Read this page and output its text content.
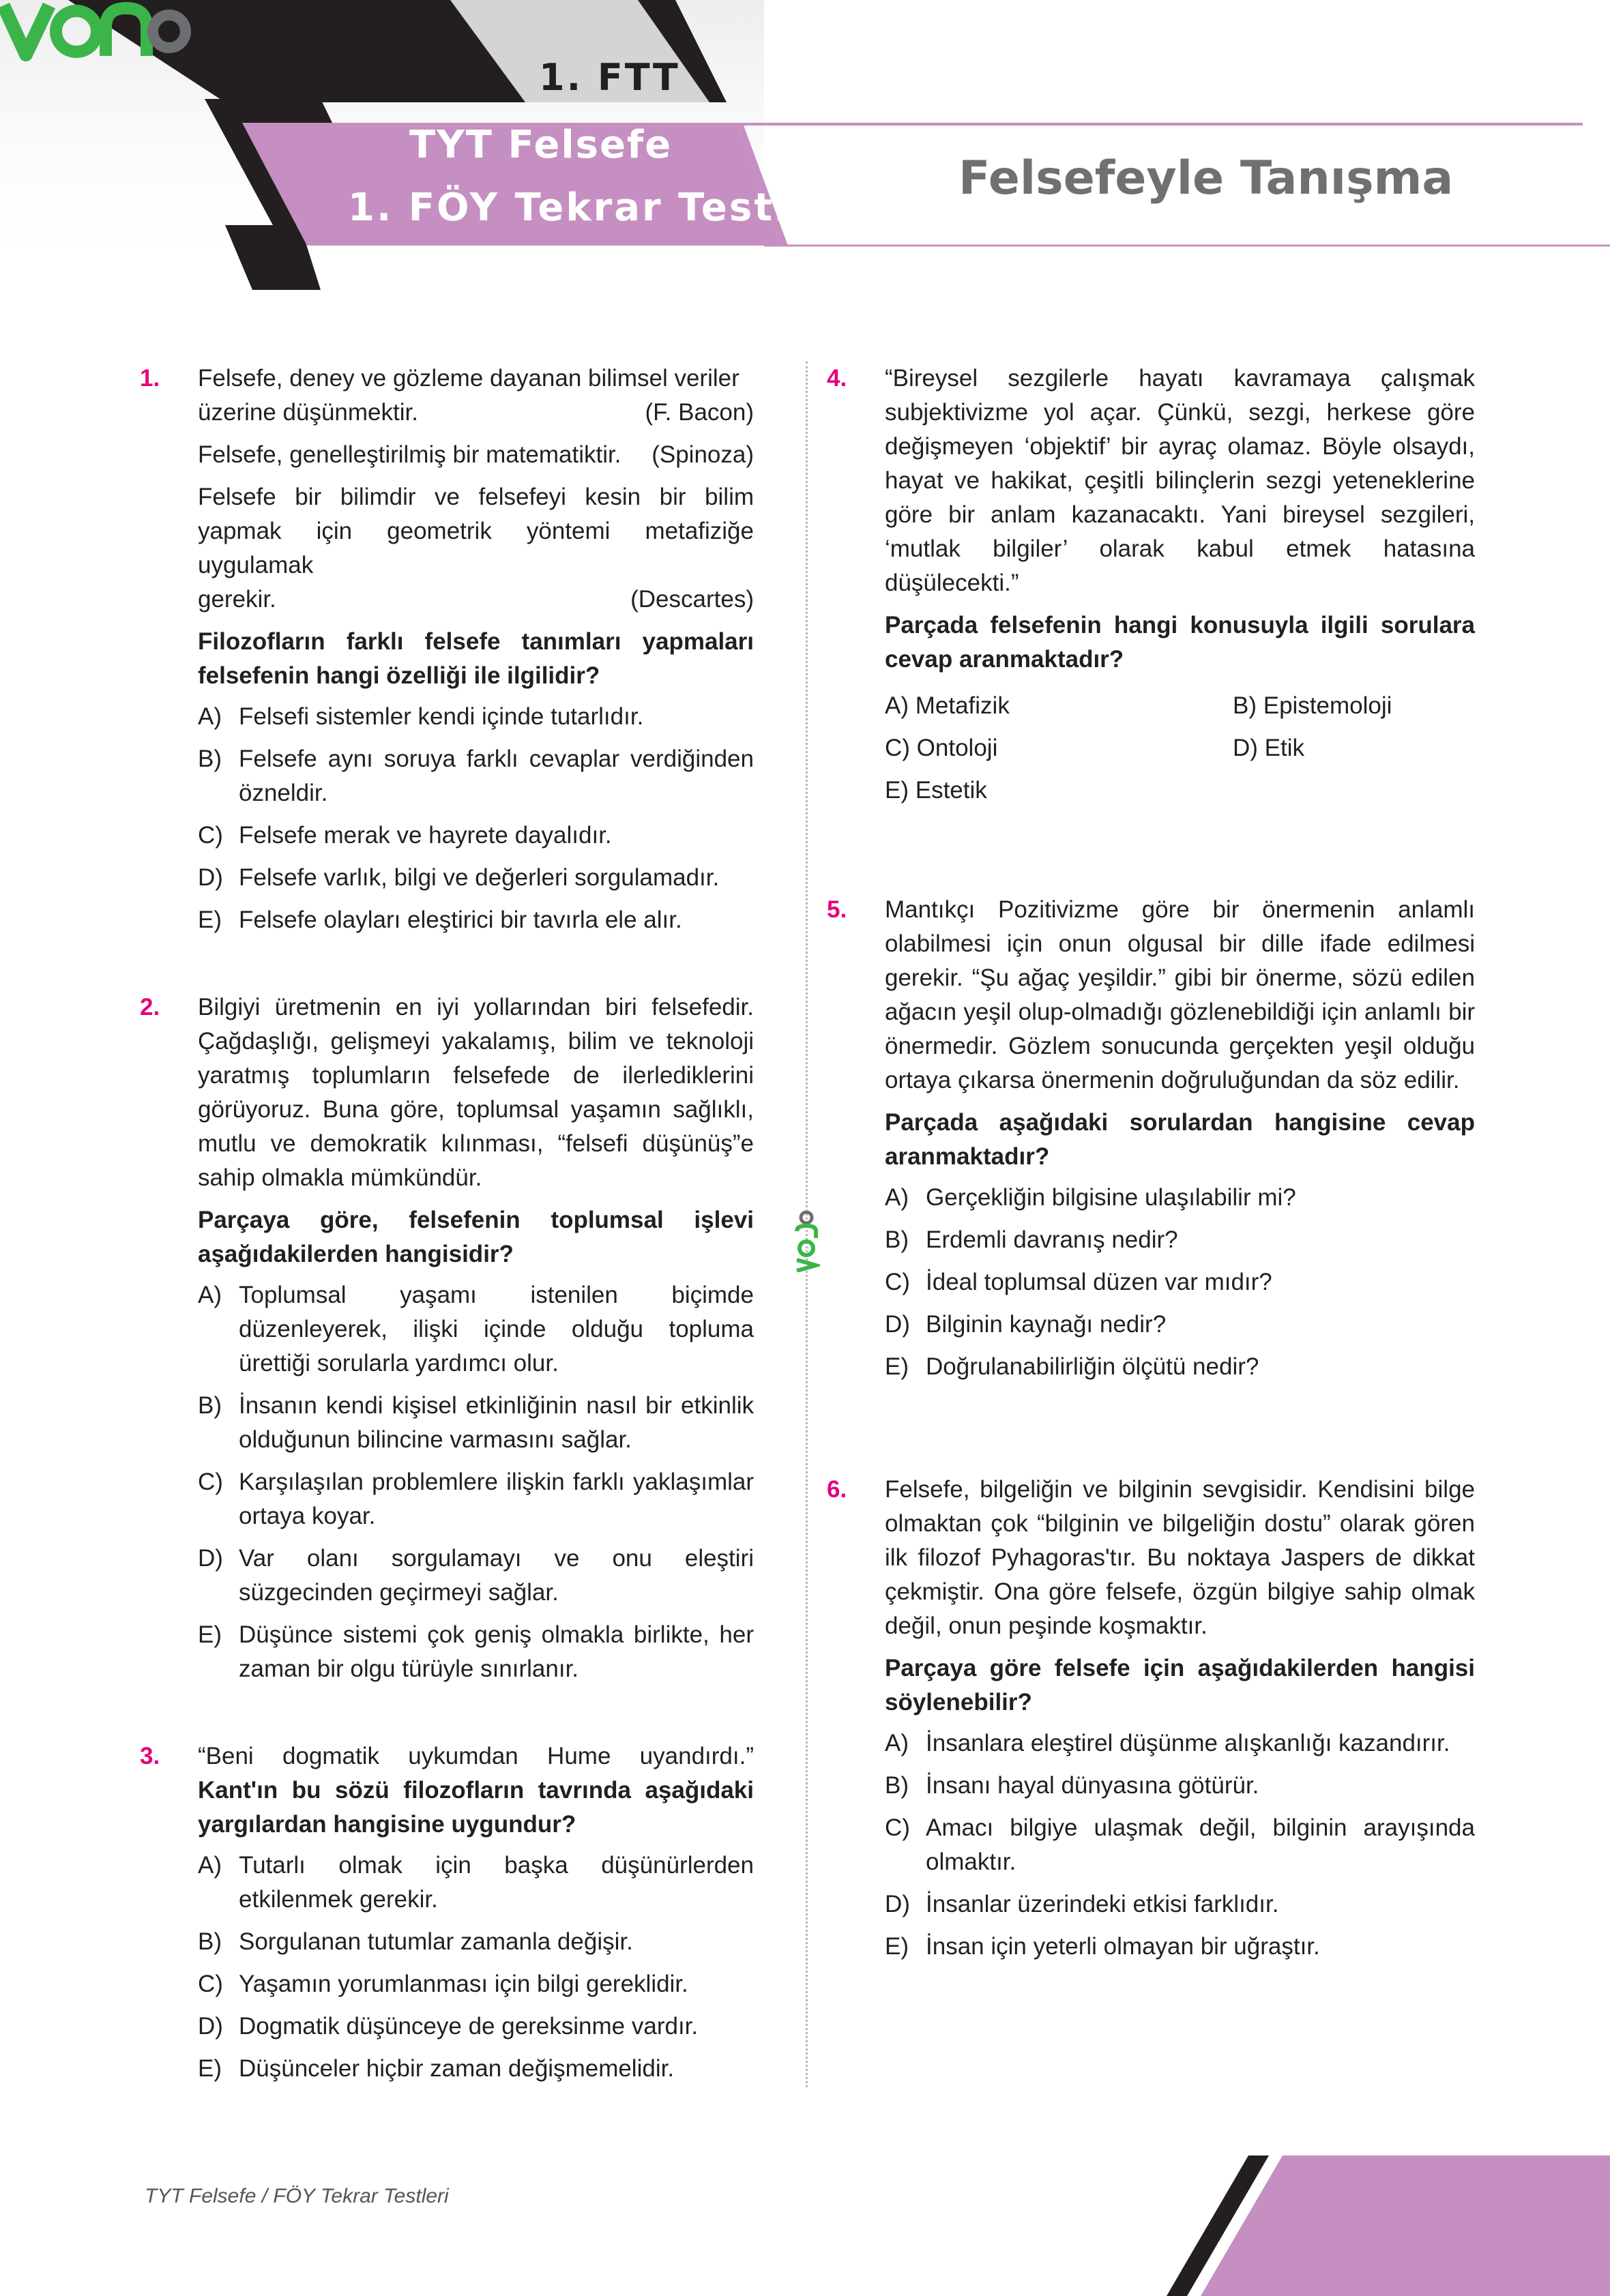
1. FTT
TYT Felsefe
1. FÖY Tekrar Testi
Felsefeyle Tanışma
1. Felsefe, deney ve gözleme dayanan bilimsel veriler

üzerine düşünmektir.	(F. Bacon)
Felsefe, genelleştirilmiş bir matematiktir. (Spinoza)

Felsefe bir bilimdir ve felsefeyi kesin bir bilim yapmak için geometrik yöntemi metafiziğe uygulamak

gerekir.	(Descartes)
Filozofların farklı felsefe tanımları yapmaları felsefenin hangi özelliği ile ilgilidir?
A) Felsefi sistemler kendi içinde tutarlıdır.
B) Felsefe aynı soruya farklı cevaplar verdiğinden özneldir.
C) Felsefe merak ve hayrete dayalıdır.
D) Felsefe varlık, bilgi ve değerleri sorgulamadır.
E) Felsefe olayları eleştirici bir tavırla ele alır.
2. Bilgiyi üretmenin en iyi yollarından biri felsefedir. Çağdaşlığı, gelişmeyi yakalamış, bilim ve teknoloji yaratmış toplumların felsefede de ilerlediklerini görüyoruz. Buna göre, toplumsal yaşamın sağlıklı, mutlu ve demokratik kılınması, “felsefi düşünüş”e sahip olmakla mümkündür.

Parçaya göre, felsefenin toplumsal işlevi aşağıdakilerden hangisidir?
A) Toplumsal yaşamı istenilen biçimde düzenleyerek, ilişki içinde olduğu topluma ürettiği sorularla yardımcı olur.
B) İnsanın kendi kişisel etkinliğinin nasıl bir etkinlik olduğunun bilincine varmasını sağlar.
C) Karşılaşılan problemlere ilişkin farklı yaklaşımlar ortaya koyar.
D) Var olanı sorgulamayı ve onu eleştiri süzgecinden geçirmeyi sağlar.
E) Düşünce sistemi çok geniş olmakla birlikte, her zaman bir olgu türüyle sınırlanır.
3. “Beni dogmatik uykumdan Hume uyandırdı.”

Kant'ın bu sözü filozofların tavrında aşağıdaki yargılardan hangisine uygundur?
A) Tutarlı olmak için başka düşünürlerden etkilenmek gerekir.
B) Sorgulanan tutumlar zamanla değişir.
C) Yaşamın yorumlanması için bilgi gereklidir.
D) Dogmatik düşünceye de gereksinme vardır.
E) Düşünceler hiçbir zaman değişmemelidir.
4. “Bireysel sezgilerle hayatı kavramaya çalışmak subjektivizme yol açar. Çünkü, sezgi, herkese göre değişmeyen ‘objektif’ bir ayraç olamaz. Böyle olsaydı, hayat ve hakikat, çeşitli bilinçlerin sezgi yeteneklerine göre bir anlam kazanacaktı. Yani bireysel sezgileri, ‘mutlak bilgiler’ olarak kabul etmek hatasına düşülecekti.”

Parçada felsefenin hangi konusuyla ilgili sorulara cevap aranmaktadır?
A) Metafizik	B) Epistemoloji
C) Ontoloji	D) Etik
E) Estetik
5. Mantıkçı Pozitivizme göre bir önermenin anlamlı olabilmesi için onun olgusal bir dille ifade edilmesi gerekir. “Şu ağaç yeşildir.” gibi bir önerme, sözü edilen ağacın yeşil olup-olmadığı gözlenebildiği için anlamlı bir önermedir. Gözlem sonucunda gerçekten yeşil olduğu ortaya çıkarsa önermenin doğruluğundan da söz edilir.

Parçada aşağıdaki sorulardan hangisine cevap aranmaktadır?
A) Gerçekliğin bilgisine ulaşılabilir mi?
B) Erdemli davranış nedir?
C) İdeal toplumsal düzen var mıdır?
D) Bilginin kaynağı nedir?
E) Doğrulanabilirliğin ölçütü nedir?
6. Felsefe, bilgeliğin ve bilginin sevgisidir. Kendisini bilge olmaktan çok “bilginin ve bilgeliğin dostu” olarak gören ilk filozof Pyhagoras'tır. Bu noktaya Jaspers de dikkat çekmiştir. Ona göre felsefe, özgün bilgiye sahip olmak değil, onun peşinde koşmaktır.

Parçaya göre felsefe için aşağıdakilerden hangisi söylenebilir?
A) İnsanlara eleştirel düşünme alışkanlığı kazandırır.
B) İnsanı hayal dünyasına götürür.
C) Amacı bilgiye ulaşmak değil, bilginin arayışında olmaktır.
D) İnsanlar üzerindeki etkisi farklıdır.
E) İnsan için yeterli olmayan bir uğraştır.
TYT Felsefe / FÖY Tekrar Testleri
